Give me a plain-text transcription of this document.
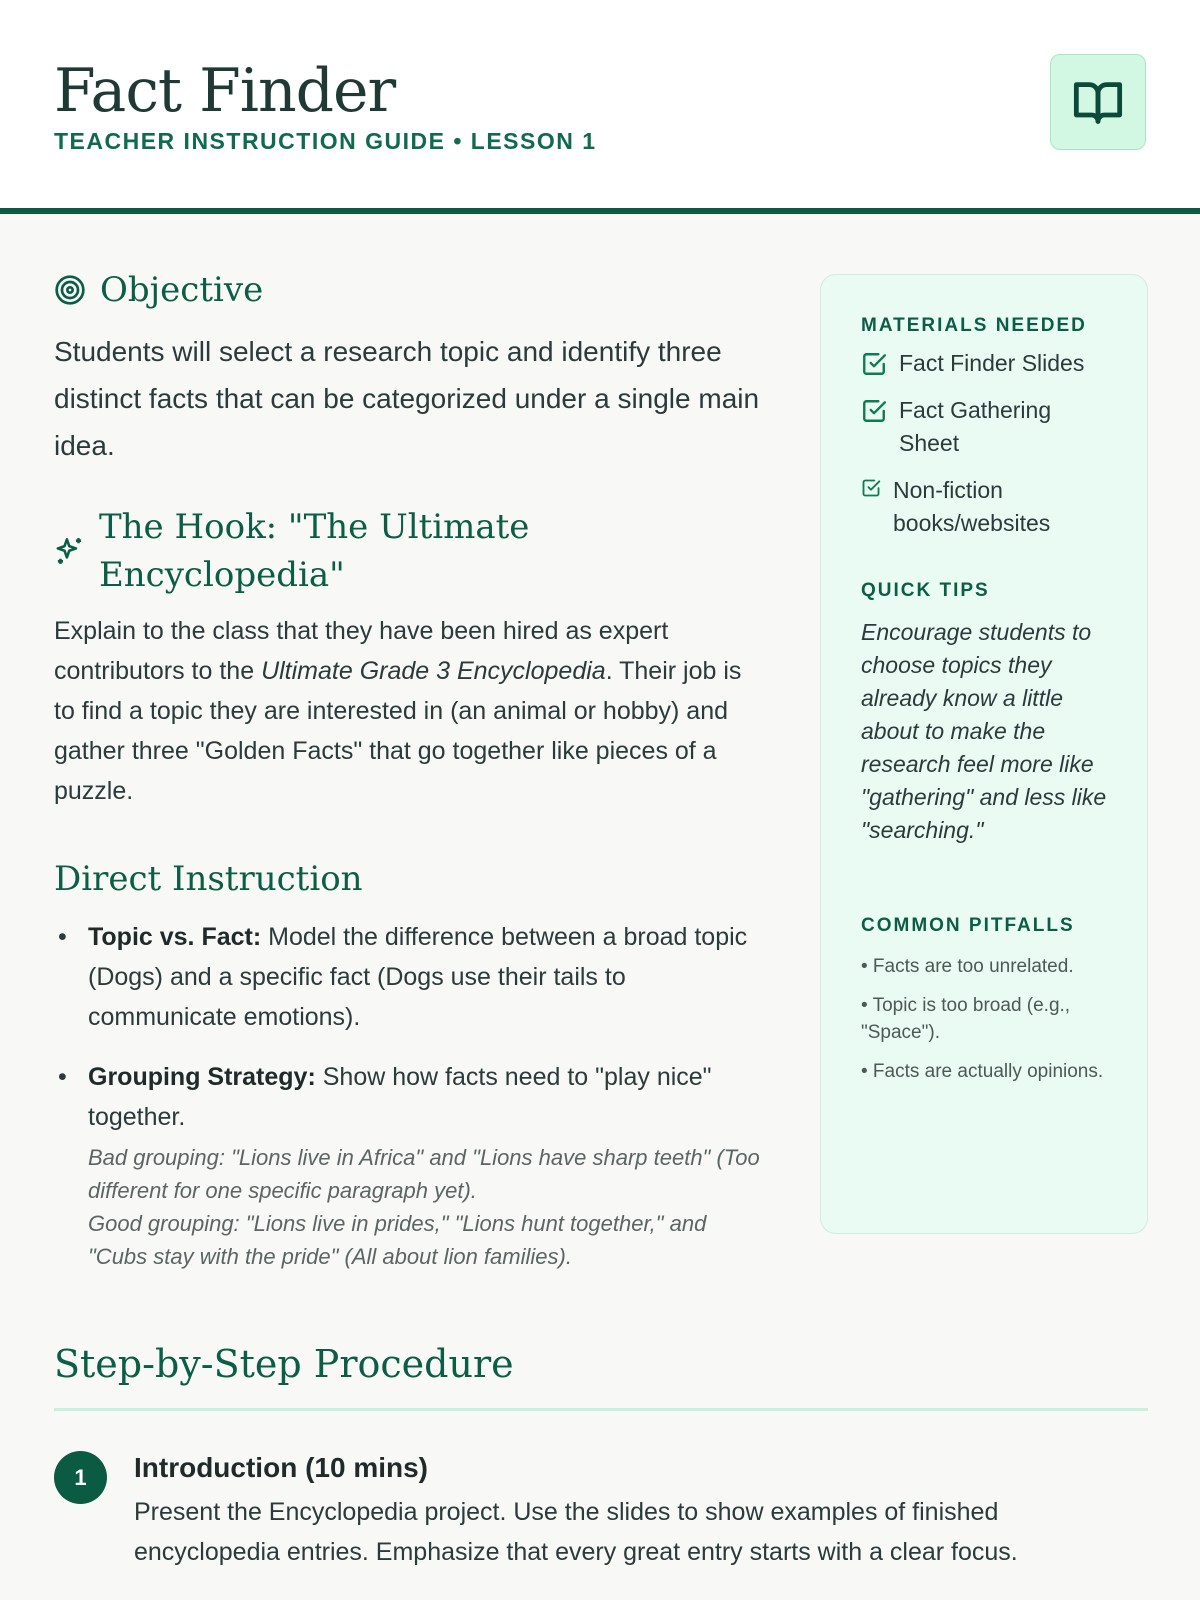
Fact Finder
TEACHER INSTRUCTION GUIDE • LESSON 1
Objective

Students will select a research topic and identify three distinct facts that can be categorized under a single main idea.

The Hook: "The Ultimate Encyclopedia"

Explain to the class that they have been hired as expert contributors to the Ultimate Grade 3 Encyclopedia. Their job is to find a topic they are interested in (an animal or hobby) and gather three "Golden Facts" that go together like pieces of a puzzle.

Direct Instruction
• Topic vs. Fact: Model the difference between a broad topic (Dogs) and a specific fact (Dogs use their tails to communicate emotions).
• Grouping Strategy: Show how facts need to "play nice" together.
Bad grouping: "Lions live in Africa" and "Lions have sharp teeth" (Too different for one specific paragraph yet).
Good grouping: "Lions live in prides," "Lions hunt together," and "Cubs stay with the pride" (All about lion families).
MATERIALS NEEDED
Fact Finder Slides
Fact Gathering Sheet
Non-fiction books/websites
QUICK TIPS

Encourage students to choose topics they already know a little about to make the research feel more like "gathering" and less like "searching."

COMMON PITFALLS
• Facts are too unrelated.
• Topic is too broad (e.g., "Space").
• Facts are actually opinions.
Step-by-Step Procedure
1	Introduction (10 mins)

Present the Encyclopedia project. Use the slides to show examples of finished encyclopedia entries. Emphasize that every great entry starts with a clear focus.
